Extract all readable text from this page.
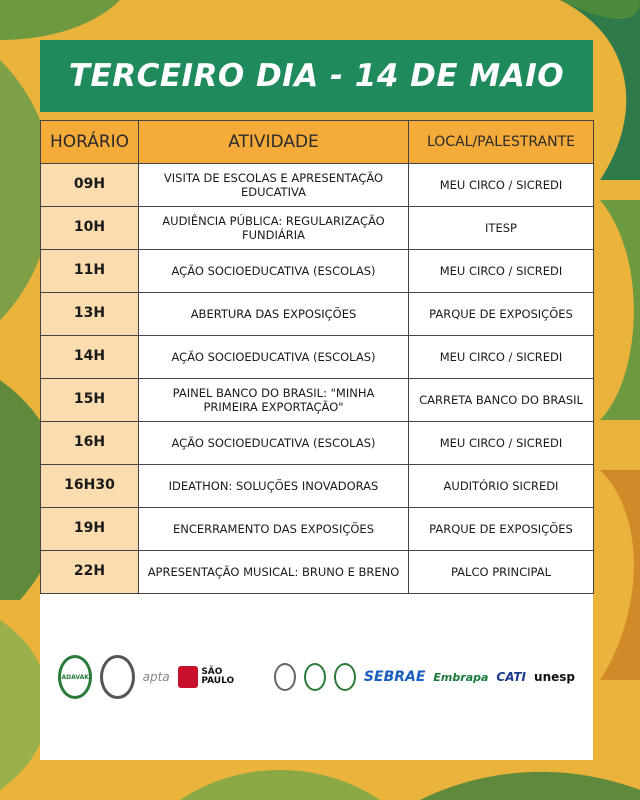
TERCEIRO DIA - 14 DE MAIO
HORÁRIO	ATIVIDADE	LOCAL/PALESTRANTE
09H	VISITA DE ESCOLAS E APRESENTAÇÃO EDUCATIVA	MEU CIRCO / SICREDI
10H	AUDIÊNCIA PÚBLICA: REGULARIZAÇÃO FUNDIÁRIA	ITESP
11H	AÇÃO SOCIOEDUCATIVA (ESCOLAS)	MEU CIRCO / SICREDI
13H	ABERTURA DAS EXPOSIÇÕES	PARQUE DE EXPOSIÇÕES
14H	AÇÃO SOCIOEDUCATIVA (ESCOLAS)	MEU CIRCO / SICREDI
15H	PAINEL BANCO DO BRASIL: "MINHA PRIMEIRA EXPORTAÇÃO"	CARRETA BANCO DO BRASIL
16H	AÇÃO SOCIOEDUCATIVA (ESCOLAS)	MEU CIRCO / SICREDI
16H30	IDEATHON: SOLUÇÕES INOVADORAS	AUDITÓRIO SICREDI
19H	ENCERRAMENTO DAS EXPOSIÇÕES	PARQUE DE EXPOSIÇÕES
22H	APRESENTAÇÃO MUSICAL: BRUNO E BRENO	PALCO PRINCIPAL
ADAVAK	apta	SÃO PAULO	SEBRAE Embrapa CATI unesp
